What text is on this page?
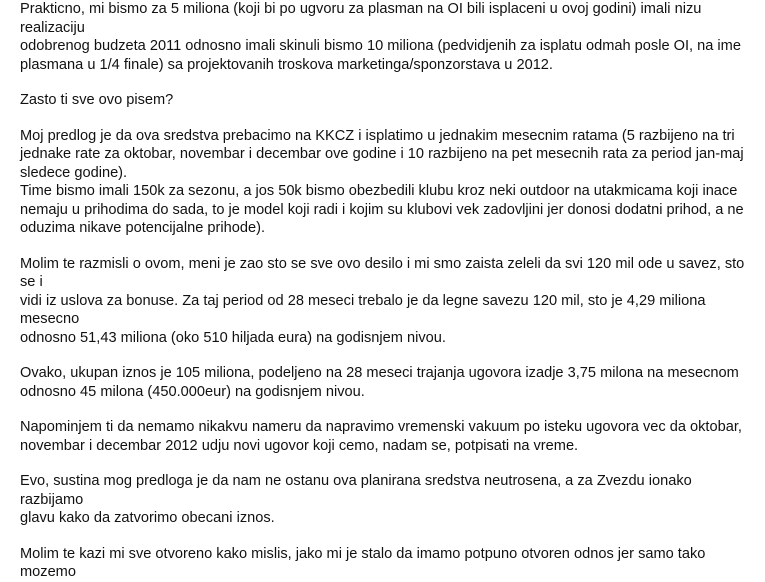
Prakticno, mi bismo za 5 miliona (koji bi po ugvoru za plasman na OI bili isplaceni u ovoj godini) imali nizu realizaciju
odobrenog budzeta 2011 odnosno imali skinuli bismo 10 miliona (pedvidjenih za isplatu odmah posle OI, na ime
plasmana u 1/4 finale) sa projektovanih troskova marketinga/sponzorstava u 2012.

Zasto ti sve ovo pisem?

Moj predlog je da ova sredstva prebacimo na KKCZ i isplatimo u jednakim mesecnim ratama (5 razbijeno na tri
jednake rate za oktobar, novembar i decembar ove godine i 10 razbijeno na pet mesecnih rata za period jan-maj
sledece godine).
Time bismo imali 150k za sezonu, a jos 50k bismo obezbedili klubu kroz neki outdoor na utakmicama koji inace
nemaju u prihodima do sada, to je model koji radi i kojim su klubovi vek zadovljini jer donosi dodatni prihod, a ne
oduzima nikave potencijalne prihode).

Molim te razmisli o ovom, meni je zao sto se sve ovo desilo i mi smo zaista zeleli da svi 120 mil ode u savez, sto se i
vidi iz uslova za bonuse. Za taj period od 28 meseci trebalo je da legne savezu 120 mil, sto je 4,29 miliona mesecno
odnosno 51,43 miliona (oko 510 hiljada eura) na godisnjem nivou.

Ovako, ukupan iznos je 105 miliona, podeljeno na 28 meseci trajanja ugovora izadje 3,75 milona na mesecnom
odnosno 45 milona (450.000eur) na godisnjem nivou.

Napominjem ti da nemamo nikakvu nameru da napravimo vremenski vakuum po isteku ugovora vec da oktobar,
novembar i decembar 2012 udju novi ugovor koji cemo, nadam se, potpisati na vreme.

Evo, sustina mog predloga je da nam ne ostanu ova planirana sredstva neutrosena, a za Zvezdu ionako razbijamo
glavu kako da zatvorimo obecani iznos.

Molim te kazi mi sve otvoreno kako mislis, jako mi je stalo da imamo potpuno otvoren odnos jer samo tako mozemo
